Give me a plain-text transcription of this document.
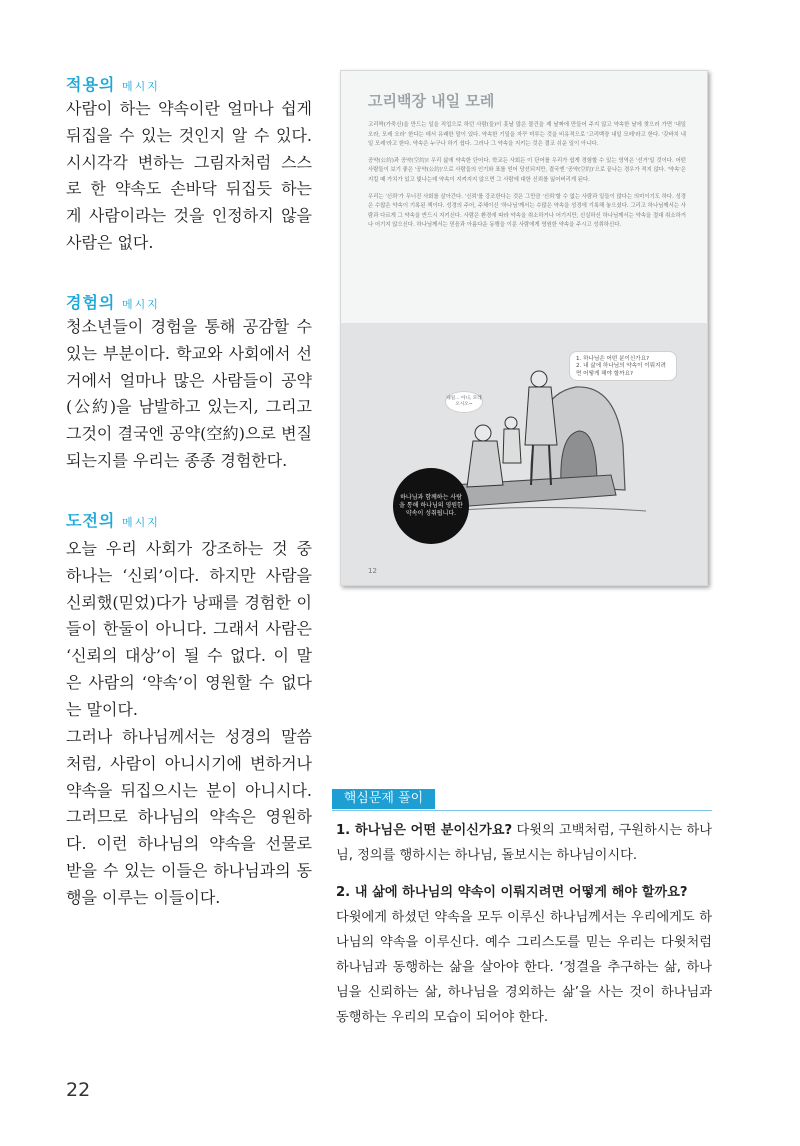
적용의 메시지
사람이 하는 약속이란 얼마나 쉽게 뒤집을 수 있는 것인지 알 수 있다. 시시각각 변하는 그림자처럼 스스로 한 약속도 손바닥 뒤집듯 하는 게 사람이라는 것을 인정하지 않을 사람은 없다.
경험의 메시지
청소년들이 경험을 통해 공감할 수 있는 부분이다. 학교와 사회에서 선거에서 얼마나 많은 사람들이 공약(公約)을 남발하고 있는지, 그리고 그것이 결국엔 공약(空約)으로 변질되는지를 우리는 종종 경험한다.
도전의 메시지
오늘 우리 사회가 강조하는 것 중 하나는 ‘신뢰’이다. 하지만 사람을 신뢰했(믿었)다가 낭패를 경험한 이들이 한둘이 아니다. 그래서 사람은 ‘신뢰의 대상’이 될 수 없다. 이 말은 사람의 ‘약속’이 영원할 수 없다는 말이다.
그러나 하나님께서는 성경의 말씀처럼, 사람이 아니시기에 변하거나 약속을 뒤집으시는 분이 아니시다. 그러므로 하나님의 약속은 영원하다. 이런 하나님의 약속을 선물로 받을 수 있는 이들은 하나님과의 동행을 이루는 이들이다.
고리백장 내일 모레

고리짝(가죽신)을 만드는 일을 직업으로 하던 사람(들)이 훗날 많은 물건을 제 날짜에 만들어 주지 않고 약속한 날에 찾으러 가면 '내일 오라, 모레 오라' 한다는 데서 유래한 말이 있다. 약속한 기일을 자꾸 미루는 것을 비유적으로 '고리백장 내일 모레'라고 한다. '갖바치 내일 모레'라고 한다. 약속은 누구나 하기 쉽다. 그러나 그 약속을 지키는 것은 결코 쉬운 일이 아니다.

공약(公約)과 공약(空約)! 우리 삶에 약속한 단어다. 학교든 사회든 이 단어를 우리가 쉽게 경험할 수 있는 영역은 '선거'일 것이다. 어떤 사람들이 보기 좋은 '공약(公約)'으로 사람들의 인기와 표를 얻어 당선되지만, 결국엔 '공약(空約)'으로 끝나는 경우가 적지 않다. '약속'은 지킬 때 가치가 있고 빛나는데 약속이 지켜지지 않으면 그 사람에 대한 신뢰를 잃어버리게 된다.

우리는 '신뢰'가 무너진 사회를 살아간다. '신뢰'를 강조한다는 것은 그만큼 '신뢰'할 수 없는 사람과 일들이 많다는 의미이기도 하다. 성경은 수많은 약속이 기록된 책이다. 성경의 주어, 주체이신 '하나님'께서는 수많은 약속을 성경에 기록해 놓으셨다. 그리고 하나님께서는 사람과 다르게 그 약속을 반드시 지키신다. 사람은 환경에 따라 약속을 취소하거나 어기지만, 신실하신 하나님께서는 약속을 절대 취소하거나 어기지 않으신다. 하나님께서는 믿음과 아름다운 동행을 이룬 사람에게 영원한 약속을 주시고 성취하신다.

1. 하나님은 어떤 분이신가요?
2. 내 삶에 하나님의 약속이 이뤄지려면 어떻게 해야 할까요?
내일... 아니, 모레 오시오~
하나님과 함께하는 사람을 통해 하나님의 영원한 약속이 성취됩니다.
12
핵심문제 풀이
1. 하나님은 어떤 분이신가요? 다윗의 고백처럼, 구원하시는 하나님, 정의를 행하시는 하나님, 돌보시는 하나님이시다.
2. 내 삶에 하나님의 약속이 이뤄지려면 어떻게 해야 할까요?
다윗에게 하셨던 약속을 모두 이루신 하나님께서는 우리에게도 하나님의 약속을 이루신다. 예수 그리스도를 믿는 우리는 다윗처럼 하나님과 동행하는 삶을 살아야 한다. ‘정결을 추구하는 삶, 하나님을 신뢰하는 삶, 하나님을 경외하는 삶’을 사는 것이 하나님과 동행하는 우리의 모습이 되어야 한다.
22
